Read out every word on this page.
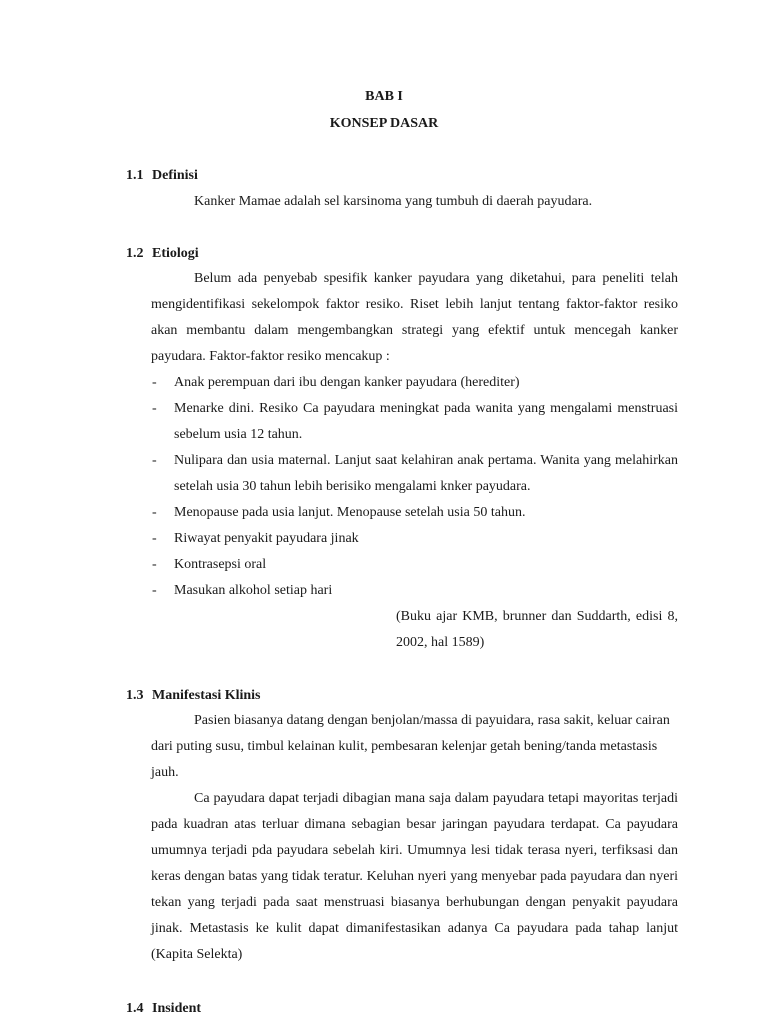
BAB I
KONSEP DASAR
1.1 Definisi

Kanker Mamae adalah sel karsinoma yang tumbuh di daerah payudara.

1.2 Etiologi

Belum ada penyebab spesifik kanker payudara yang diketahui, para peneliti telah mengidentifikasi sekelompok faktor resiko. Riset lebih lanjut tentang faktor-faktor resiko akan membantu dalam mengembangkan strategi yang efektif untuk mencegah kanker payudara. Faktor-faktor resiko mencakup :

- Anak perempuan dari ibu dengan kanker payudara (herediter)
- Menarke dini. Resiko Ca payudara meningkat pada wanita yang mengalami menstruasi sebelum usia 12 tahun.
- Nulipara dan usia maternal. Lanjut saat kelahiran anak pertama. Wanita yang melahirkan setelah usia 30 tahun lebih berisiko mengalami knker payudara.
- Menopause pada usia lanjut. Menopause setelah usia 50 tahun.
- Riwayat penyakit payudara jinak
- Kontrasepsi oral
- Masukan alkohol setiap hari

(Buku ajar KMB, brunner dan Suddarth, edisi 8, 2002, hal 1589)

1.3 Manifestasi Klinis

Pasien biasanya datang dengan benjolan/massa di payuidara, rasa sakit, keluar cairan dari puting susu, timbul kelainan kulit, pembesaran kelenjar getah bening/tanda metastasis jauh.

Ca payudara dapat terjadi dibagian mana saja dalam payudara tetapi mayoritas terjadi pada kuadran atas terluar dimana sebagian besar jaringan payudara terdapat. Ca payudara umumnya terjadi pda payudara sebelah kiri. Umumnya lesi tidak terasa nyeri, terfiksasi dan keras dengan batas yang tidak teratur. Keluhan nyeri yang menyebar pada payudara dan nyeri tekan yang terjadi pada saat menstruasi biasanya berhubungan dengan penyakit payudara jinak. Metastasis ke kulit dapat dimanifestasikan adanya Ca payudara pada tahap lanjut (Kapita Selekta)

1.4 Insident
